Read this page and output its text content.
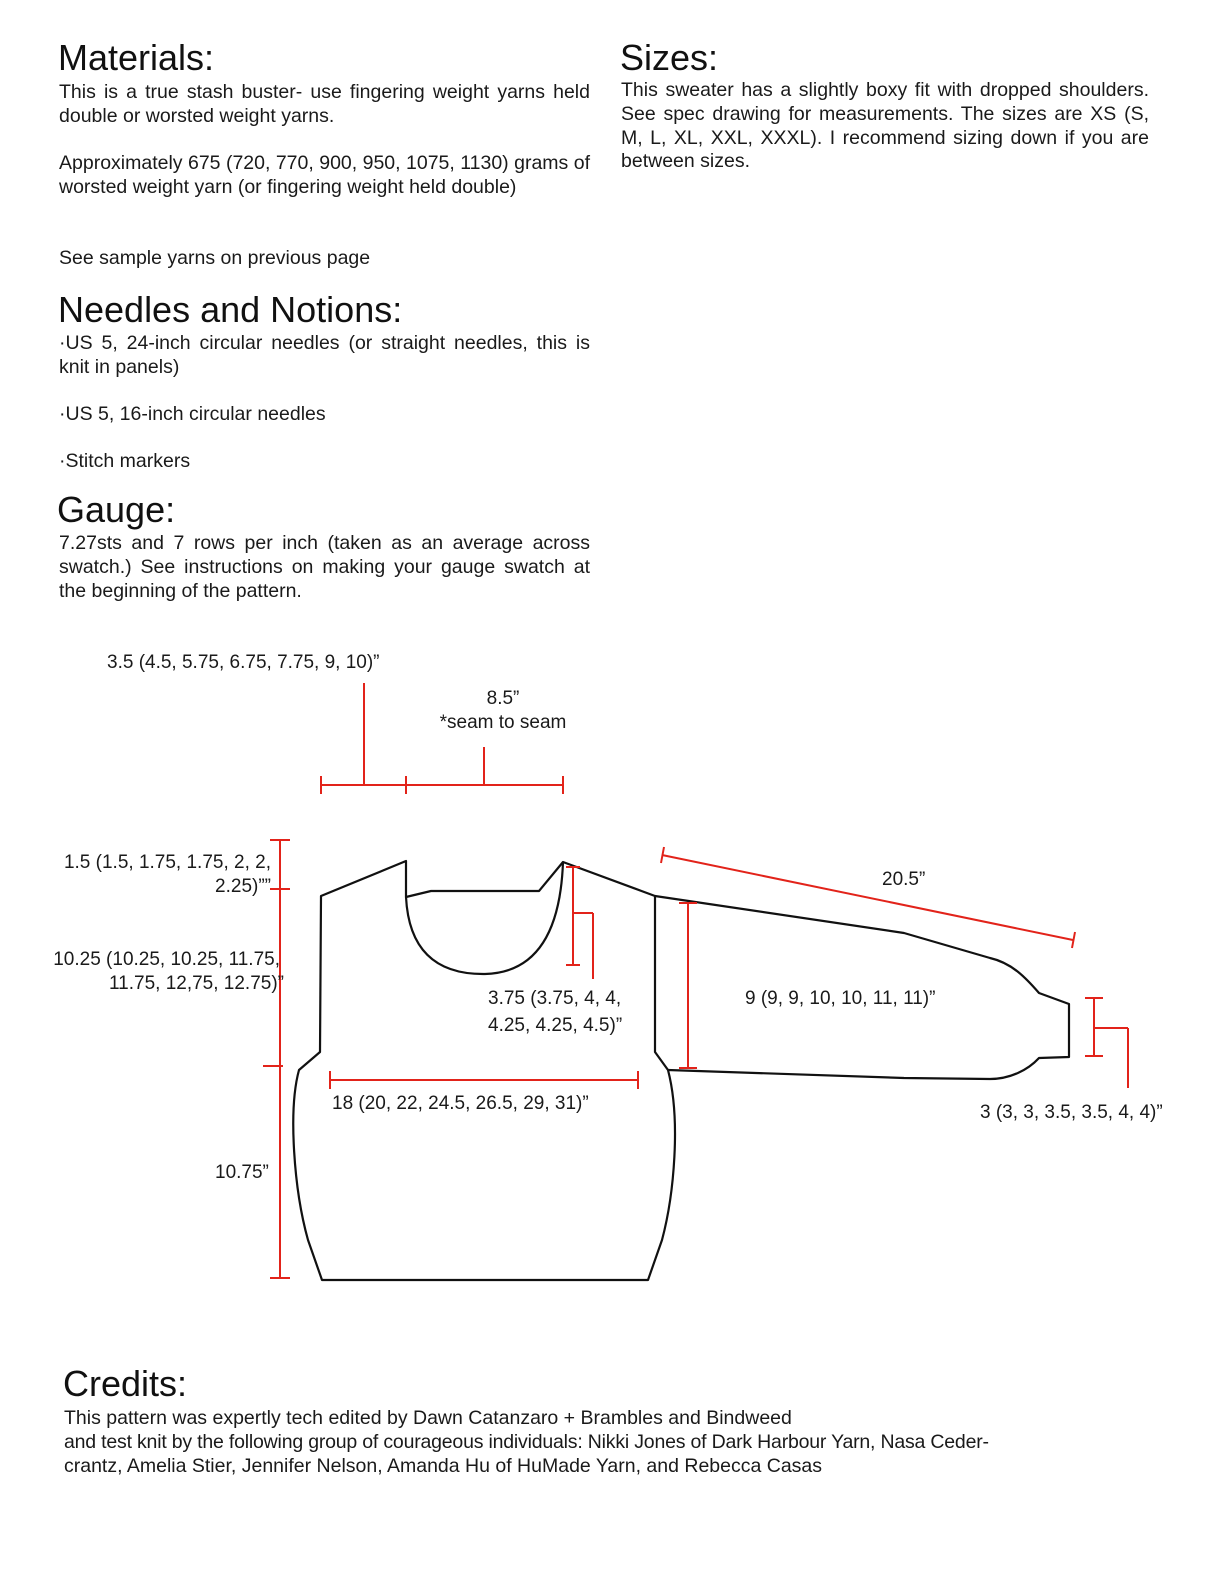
Materials:

This is a true stash buster- use fingering weight yarns held double or worsted weight yarns.

Approximately 675 (720, 770, 900, 950, 1075, 1130) grams of worsted weight yarn (or fingering weight held double)

See sample yarns on previous page

Needles and Notions:

·US 5, 24-inch circular needles (or straight needles, this is knit in panels)

·US 5, 16-inch circular needles

·Stitch markers

Gauge:

7.27sts and 7 rows per inch (taken as an average across swatch.) See instructions on making your gauge swatch at the beginning of the pattern.

Sizes:

This sweater has a slightly boxy fit with dropped shoulders. See spec drawing for measurements. The sizes are XS (S, M, L, XL, XXL, XXXL). I recommend sizing down if you are between sizes.

3.5 (4.5, 5.75, 6.75, 7.75, 9, 10)”
8.5”
*seam to seam
1.5 (1.5, 1.75, 1.75, 2, 2,
2.25)””
10.25 (10.25, 10.25, 11.75,
11.75, 12,75, 12.75)”
3.75 (3.75, 4, 4,
4.25, 4.25, 4.5)”
18 (20, 22, 24.5, 26.5, 29, 31)”
10.75”
20.5”
9 (9, 9, 10, 10, 11, 11)”
3 (3, 3, 3.5, 3.5, 4, 4)”
Credits:

This pattern was expertly tech edited by Dawn Catanzaro + Brambles and Bindweed

and test knit by the following group of courageous individuals: Nikki Jones of Dark Harbour Yarn, Nasa Ceder-

crantz, Amelia Stier, Jennifer Nelson, Amanda Hu of HuMade Yarn, and Rebecca Casas
